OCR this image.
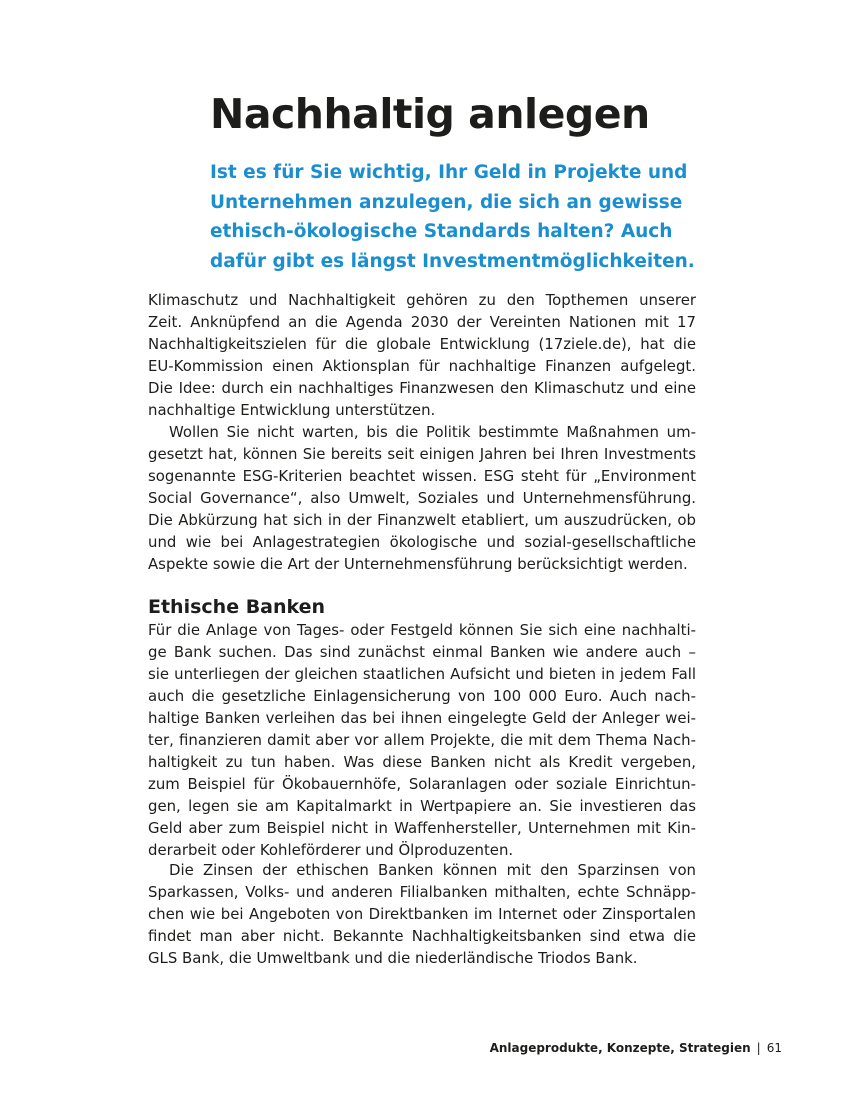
Nachhaltig anlegen
Ist es für Sie wichtig, Ihr Geld in Projekte und
Unternehmen anzulegen, die sich an gewisse
ethisch-ökologische Standards halten? Auch
dafür gibt es längst Investmentmöglichkeiten.
Klimaschutz und Nachhaltigkeit gehören zu den Topthemen unserer
Zeit. Anknüpfend an die Agenda 2030 der Vereinten Nationen mit 17
Nachhaltigkeitszielen für die globale Entwicklung (17ziele.de), hat die
EU-Kommission einen Aktionsplan für nachhaltige Finanzen aufgelegt.
Die Idee: durch ein nachhaltiges Finanzwesen den Klimaschutz und eine
nachhaltige Entwicklung unterstützen.
Wollen Sie nicht warten, bis die Politik bestimmte Maßnahmen um-
gesetzt hat, können Sie bereits seit einigen Jahren bei Ihren Investments
sogenannte ESG-Kriterien beachtet wissen. ESG steht für „Environment
Social Governance“, also Umwelt, Soziales und Unternehmensführung.
Die Abkürzung hat sich in der Finanzwelt etabliert, um auszudrücken, ob
und wie bei Anlagestrategien ökologische und sozial-gesellschaftliche
Aspekte sowie die Art der Unternehmensführung berücksichtigt werden.
Ethische Banken
Für die Anlage von Tages- oder Festgeld können Sie sich eine nachhalti-
ge Bank suchen. Das sind zunächst einmal Banken wie andere auch –
sie unterliegen der gleichen staatlichen Aufsicht und bieten in jedem Fall
auch die gesetzliche Einlagensicherung von 100 000 Euro. Auch nach-
haltige Banken verleihen das bei ihnen eingelegte Geld der Anleger wei-
ter, finanzieren damit aber vor allem Projekte, die mit dem Thema Nach-
haltigkeit zu tun haben. Was diese Banken nicht als Kredit vergeben,
zum Beispiel für Ökobauernhöfe, Solaranlagen oder soziale Einrichtun-
gen, legen sie am Kapitalmarkt in Wertpapiere an. Sie investieren das
Geld aber zum Beispiel nicht in Waffenhersteller, Unternehmen mit Kin-
derarbeit oder Kohleförderer und Ölproduzenten.
Die Zinsen der ethischen Banken können mit den Sparzinsen von
Sparkassen, Volks- und anderen Filialbanken mithalten, echte Schnäpp-
chen wie bei Angeboten von Direktbanken im Internet oder Zinsportalen
findet man aber nicht. Bekannte Nachhaltigkeitsbanken sind etwa die
GLS Bank, die Umweltbank und die niederländische Triodos Bank.
Anlageprodukte, Konzepte, Strategien | 61
